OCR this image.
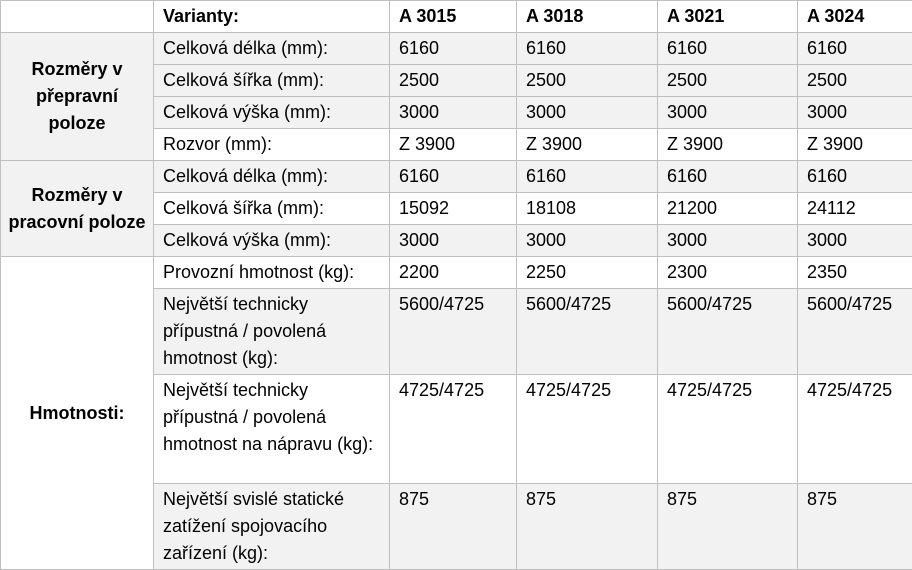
	Varianty:	A 3015	A 3018	A 3021	A 3024
Rozměry v přepravní poloze	Celková délka (mm):	6160	6160	6160	6160
	Celková šířka (mm):	2500	2500	2500	2500
	Celková výška (mm):	3000	3000	3000	3000
	Rozvor (mm):	Z 3900	Z 3900	Z 3900	Z 3900
Rozměry v pracovní poloze	Celková délka (mm):	6160	6160	6160	6160
	Celková šířka (mm):	15092	18108	21200	24112
	Celková výška (mm):	3000	3000	3000	3000
Hmotnosti:	Provozní hmotnost (kg):	2200	2250	2300	2350
	Největší technicky přípustná / povolená hmotnost (kg):	5600/4725	5600/4725	5600/4725	5600/4725
	Největší technicky přípustná / povolená hmotnost na nápravu (kg):	4725/4725	4725/4725	4725/4725	4725/4725
	Největší svislé statické zatížení spojovacího zařízení (kg):	875	875	875	875
